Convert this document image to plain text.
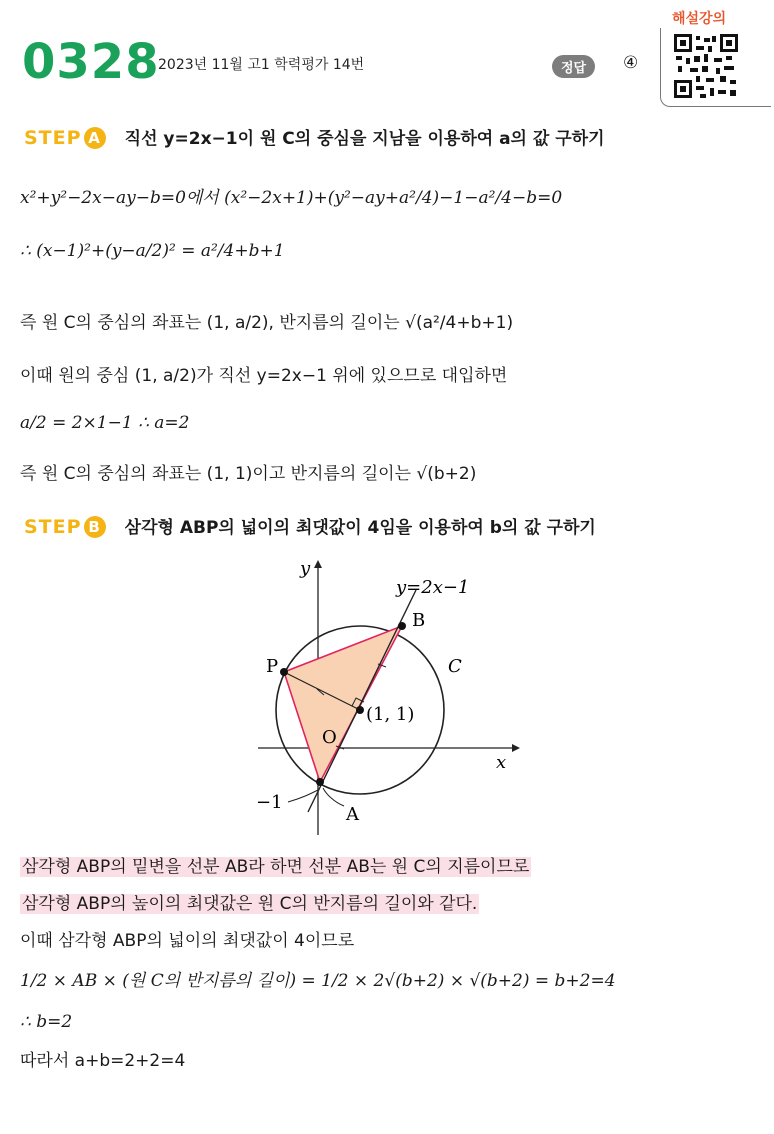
0328
2023년 11월 고1 학력평가 14번	정답	④
해설강의
STEP A 직선 y=2x−1이 원 C의 중심을 지남을 이용하여 a의 값 구하기
x²+y²−2x−ay−b=0에서 (x²−2x+1)+(y²−ay+a²/4)−1−a²/4−b=0
∴ (x−1)²+(y−a/2)² = a²/4+b+1
즉 원 C의 중심의 좌표는 (1, a/2), 반지름의 길이는 √(a²/4+b+1)
이때 원의 중심 (1, a/2)가 직선 y=2x−1 위에 있으므로 대입하면
a/2 = 2×1−1 ∴ a=2
즉 원 C의 중심의 좌표는 (1, 1)이고 반지름의 길이는 √(b+2)
STEP B 삼각형 ABP의 넓이의 최댓값이 4임을 이용하여 b의 값 구하기
y
x
y=2x−1
B
P	C
(1, 1)
O
−1
A
삼각형 ABP의 밑변을 선분 AB라 하면 선분 AB는 원 C의 지름이므로
삼각형 ABP의 높이의 최댓값은 원 C의 반지름의 길이와 같다.
이때 삼각형 ABP의 넓이의 최댓값이 4이므로
1/2 × AB × (원 C의 반지름의 길이) = 1/2 × 2√(b+2) × √(b+2) = b+2=4
∴ b=2
따라서 a+b=2+2=4
